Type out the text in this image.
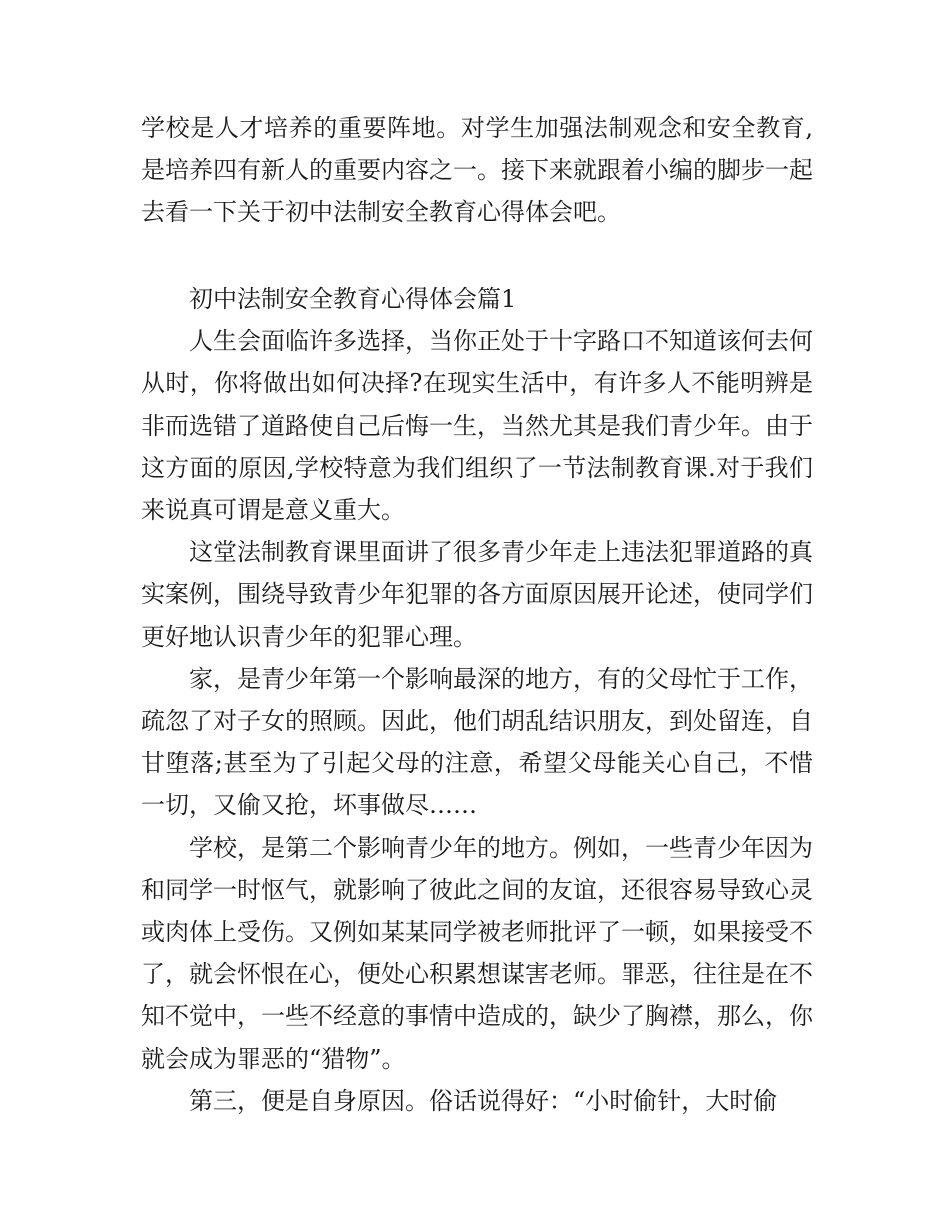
学校是人才培养的重要阵地。对学生加强法制观念和安全教育,是培养四有新人的重要内容之一。接下来就跟着小编的脚步一起去看一下关于初中法制安全教育心得体会吧。

初中法制安全教育心得体会篇1

人生会面临许多选择，当你正处于十字路口不知道该何去何从时，你将做出如何决择?在现实生活中，有许多人不能明辨是非而选错了道路使自己后悔一生，当然尤其是我们青少年。由于这方面的原因,学校特意为我们组织了一节法制教育课.对于我们来说真可谓是意义重大。

这堂法制教育课里面讲了很多青少年走上违法犯罪道路的真实案例，围绕导致青少年犯罪的各方面原因展开论述，使同学们更好地认识青少年的犯罪心理。

家，是青少年第一个影响最深的地方，有的父母忙于工作，疏忽了对子女的照顾。因此，他们胡乱结识朋友，到处留连，自甘堕落;甚至为了引起父母的注意，希望父母能关心自己，不惜一切，又偷又抢，坏事做尽……

学校，是第二个影响青少年的地方。例如，一些青少年因为和同学一时怄气，就影响了彼此之间的友谊，还很容易导致心灵或肉体上受伤。又例如某某同学被老师批评了一顿，如果接受不了，就会怀恨在心，便处心积累想谋害老师。罪恶，往往是在不知不觉中，一些不经意的事情中造成的，缺少了胸襟，那么，你就会成为罪恶的“猎物”。

第三，便是自身原因。俗话说得好：“小时偷针，大时偷
